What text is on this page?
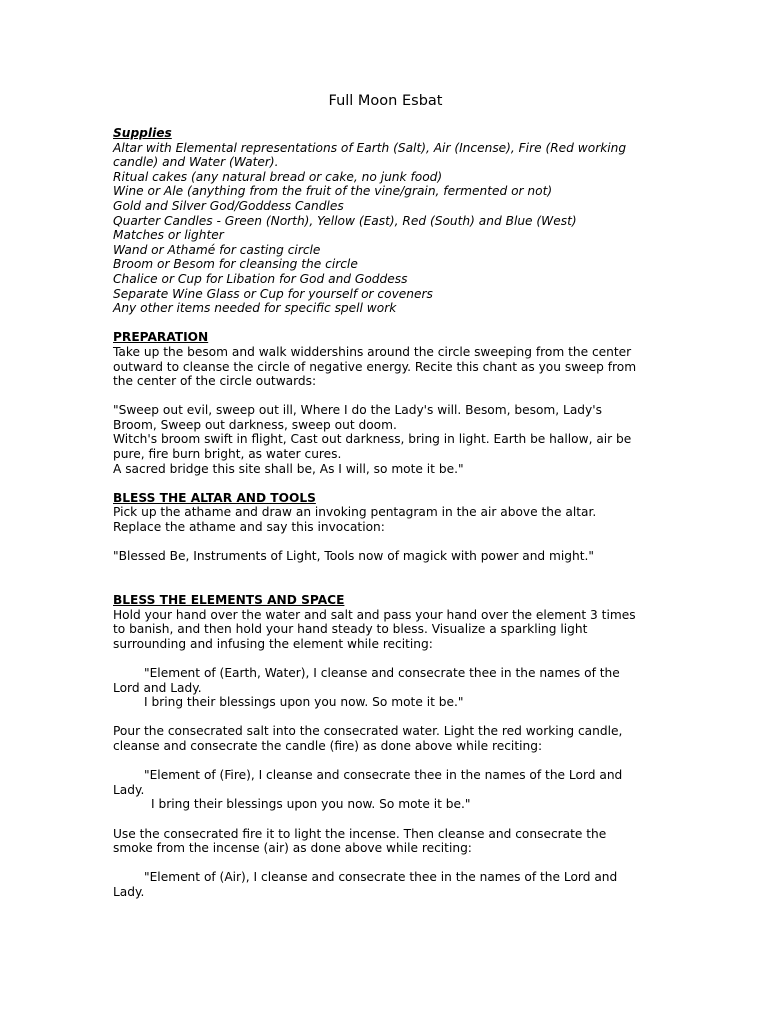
Full Moon Esbat
Supplies
Altar with Elemental representations of Earth (Salt), Air (Incense), Fire (Red working
candle) and Water (Water).
Ritual cakes (any natural bread or cake, no junk food)
Wine or Ale (anything from the fruit of the vine/grain, fermented or not)
Gold and Silver God/Goddess Candles
Quarter Candles - Green (North), Yellow (East), Red (South) and Blue (West)
Matches or lighter
Wand or Athamé for casting circle
Broom or Besom for cleansing the circle
Chalice or Cup for Libation for God and Goddess
Separate Wine Glass or Cup for yourself or coveners
Any other items needed for specific spell work
PREPARATION
Take up the besom and walk widdershins around the circle sweeping from the center
outward to cleanse the circle of negative energy. Recite this chant as you sweep from
the center of the circle outwards:
"Sweep out evil, sweep out ill, Where I do the Lady's will. Besom, besom, Lady's
Broom, Sweep out darkness, sweep out doom.
Witch's broom swift in flight, Cast out darkness, bring in light. Earth be hallow, air be
pure, fire burn bright, as water cures.
A sacred bridge this site shall be, As I will, so mote it be."
BLESS THE ALTAR AND TOOLS
Pick up the athame and draw an invoking pentagram in the air above the altar.
Replace the athame and say this invocation:
"Blessed Be, Instruments of Light, Tools now of magick with power and might."
BLESS THE ELEMENTS AND SPACE
Hold your hand over the water and salt and pass your hand over the element 3 times
to banish, and then hold your hand steady to bless. Visualize a sparkling light
surrounding and infusing the element while reciting:
"Element of (Earth, Water), I cleanse and consecrate thee in the names of the
Lord and Lady.
I bring their blessings upon you now. So mote it be."
Pour the consecrated salt into the consecrated water. Light the red working candle,
cleanse and consecrate the candle (fire) as done above while reciting:
"Element of (Fire), I cleanse and consecrate thee in the names of the Lord and
Lady.
I bring their blessings upon you now. So mote it be."
Use the consecrated fire it to light the incense. Then cleanse and consecrate the
smoke from the incense (air) as done above while reciting:
"Element of (Air), I cleanse and consecrate thee in the names of the Lord and
Lady.
